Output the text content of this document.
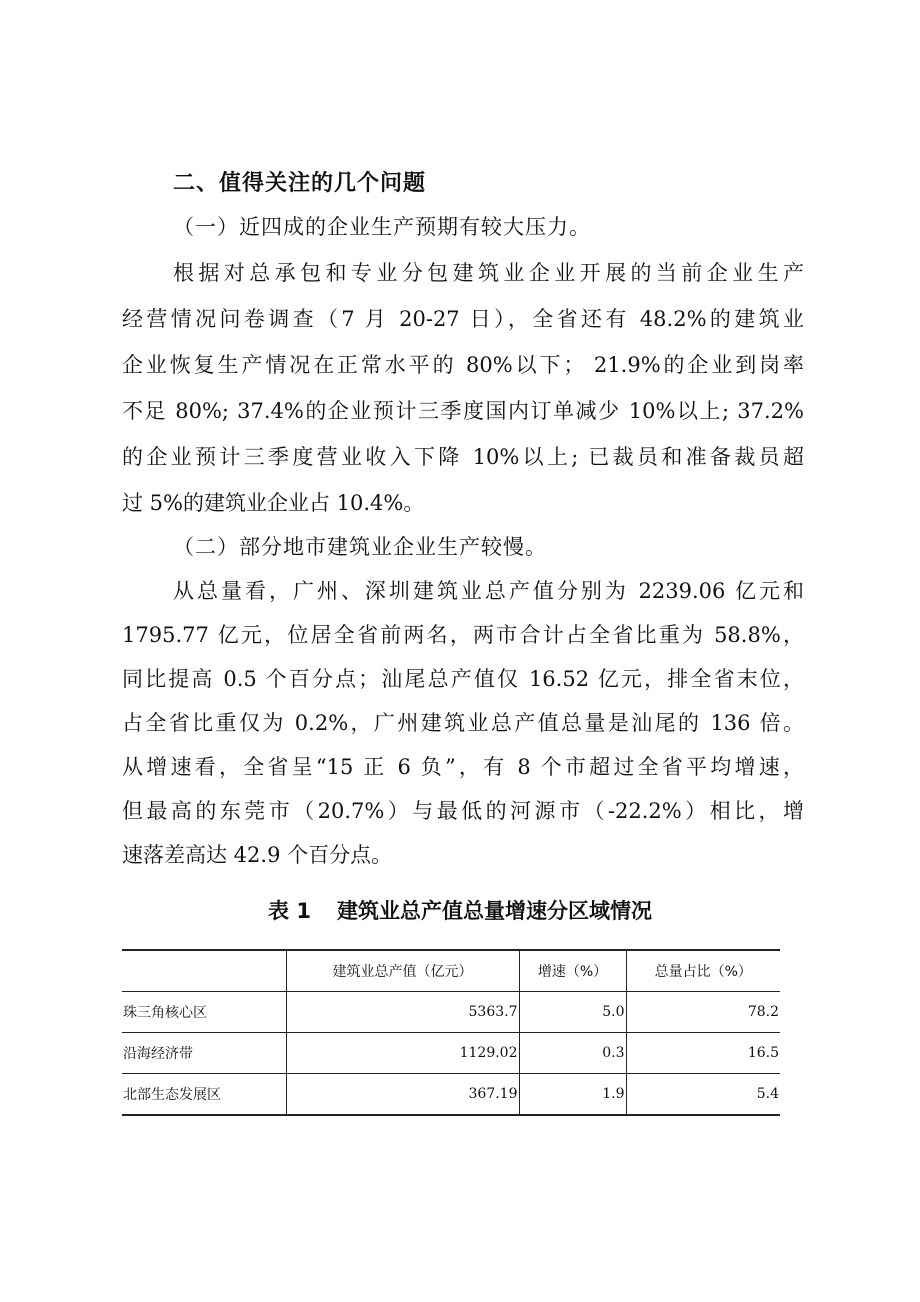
二、值得关注的几个问题
（一）近四成的企业生产预期有较大压力。
根据对总承包和专业分包建筑业企业开展的当前企业生产
经营情况问卷调查（7 月 20-27 日），全省还有 48.2%的建筑业
企业恢复生产情况在正常水平的 80%以下； 21.9%的企业到岗率
不足 80%; 37.4%的企业预计三季度国内订单减少 10%以上; 37.2%
的企业预计三季度营业收入下降 10%以上; 已裁员和准备裁员超
过 5%的建筑业企业占 10.4%。
（二）部分地市建筑业企业生产较慢。
从总量看，广州、深圳建筑业总产值分别为 2239.06 亿元和
1795.77 亿元，位居全省前两名，两市合计占全省比重为 58.8%，
同比提高 0.5 个百分点；汕尾总产值仅 16.52 亿元，排全省末位，
占全省比重仅为 0.2%，广州建筑业总产值总量是汕尾的 136 倍。
从增速看，全省呈“15 正 6 负”，有 8 个市超过全省平均增速，
但最高的东莞市（20.7%）与最低的河源市（-22.2%）相比，增
速落差高达 42.9 个百分点。
表 1 建筑业总产值总量增速分区域情况
	建筑业总产值（亿元）	增速（%）	总量占比（%）
珠三角核心区	5363.7	5.0	78.2
沿海经济带	1129.02	0.3	16.5
北部生态发展区	367.19	1.9	5.4
